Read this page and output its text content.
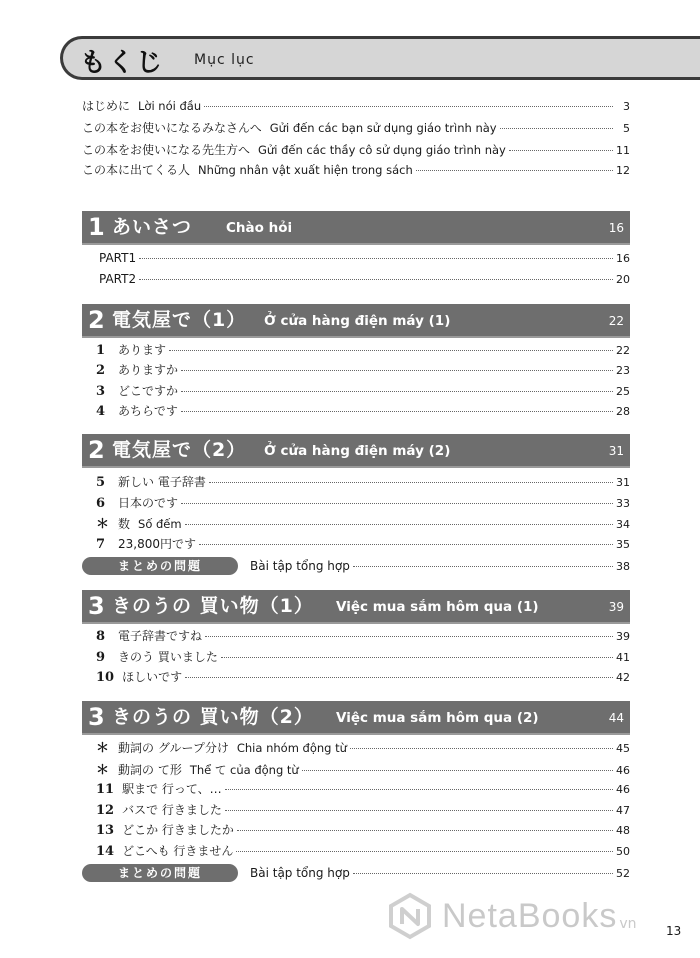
もくじ Mục lục
はじめに Lời nói đầu	3
この本をお使いになるみなさんへ Gửi đến các bạn sử dụng giáo trình này	5
この本をお使いになる先生方へ Gửi đến các thầy cô sử dụng giáo trình này	11
この本に出てくる人 Những nhân vật xuất hiện trong sách	12
1 あいさつ	Chào hỏi	16
PART1	16
PART2	20
2 電気屋で（1） Ở cửa hàng điện máy (1)	22
1	あります	22
2	ありますか	23
3	どこですか	25
4	あちらです	28
2 電気屋で（2） Ở cửa hàng điện máy (2)	31
5	新しい 電子辞書	31
6	日本のです	33
＊ 数 Số đếm	34
7	23,800円です	35
まとめの問題	Bài tập tổng hợp	38
3 きのうの 買い物（1） Việc mua sắm hôm qua (1)	39
8	電子辞書ですね	39
9	きのう 買いました	41
10 ほしいです	42
3 きのうの 買い物（2） Việc mua sắm hôm qua (2)	44
＊ 動詞の グループ分け Chia nhóm động từ	45
＊ 動詞の て形 Thể て của động từ	46
11 駅まで 行って、…	46
12 バスで 行きました	47
13 どこか 行きましたか	48
14 どこへも 行きません	50
まとめの問題	Bài tập tổng hợp	52
NetaBooks vn 13
